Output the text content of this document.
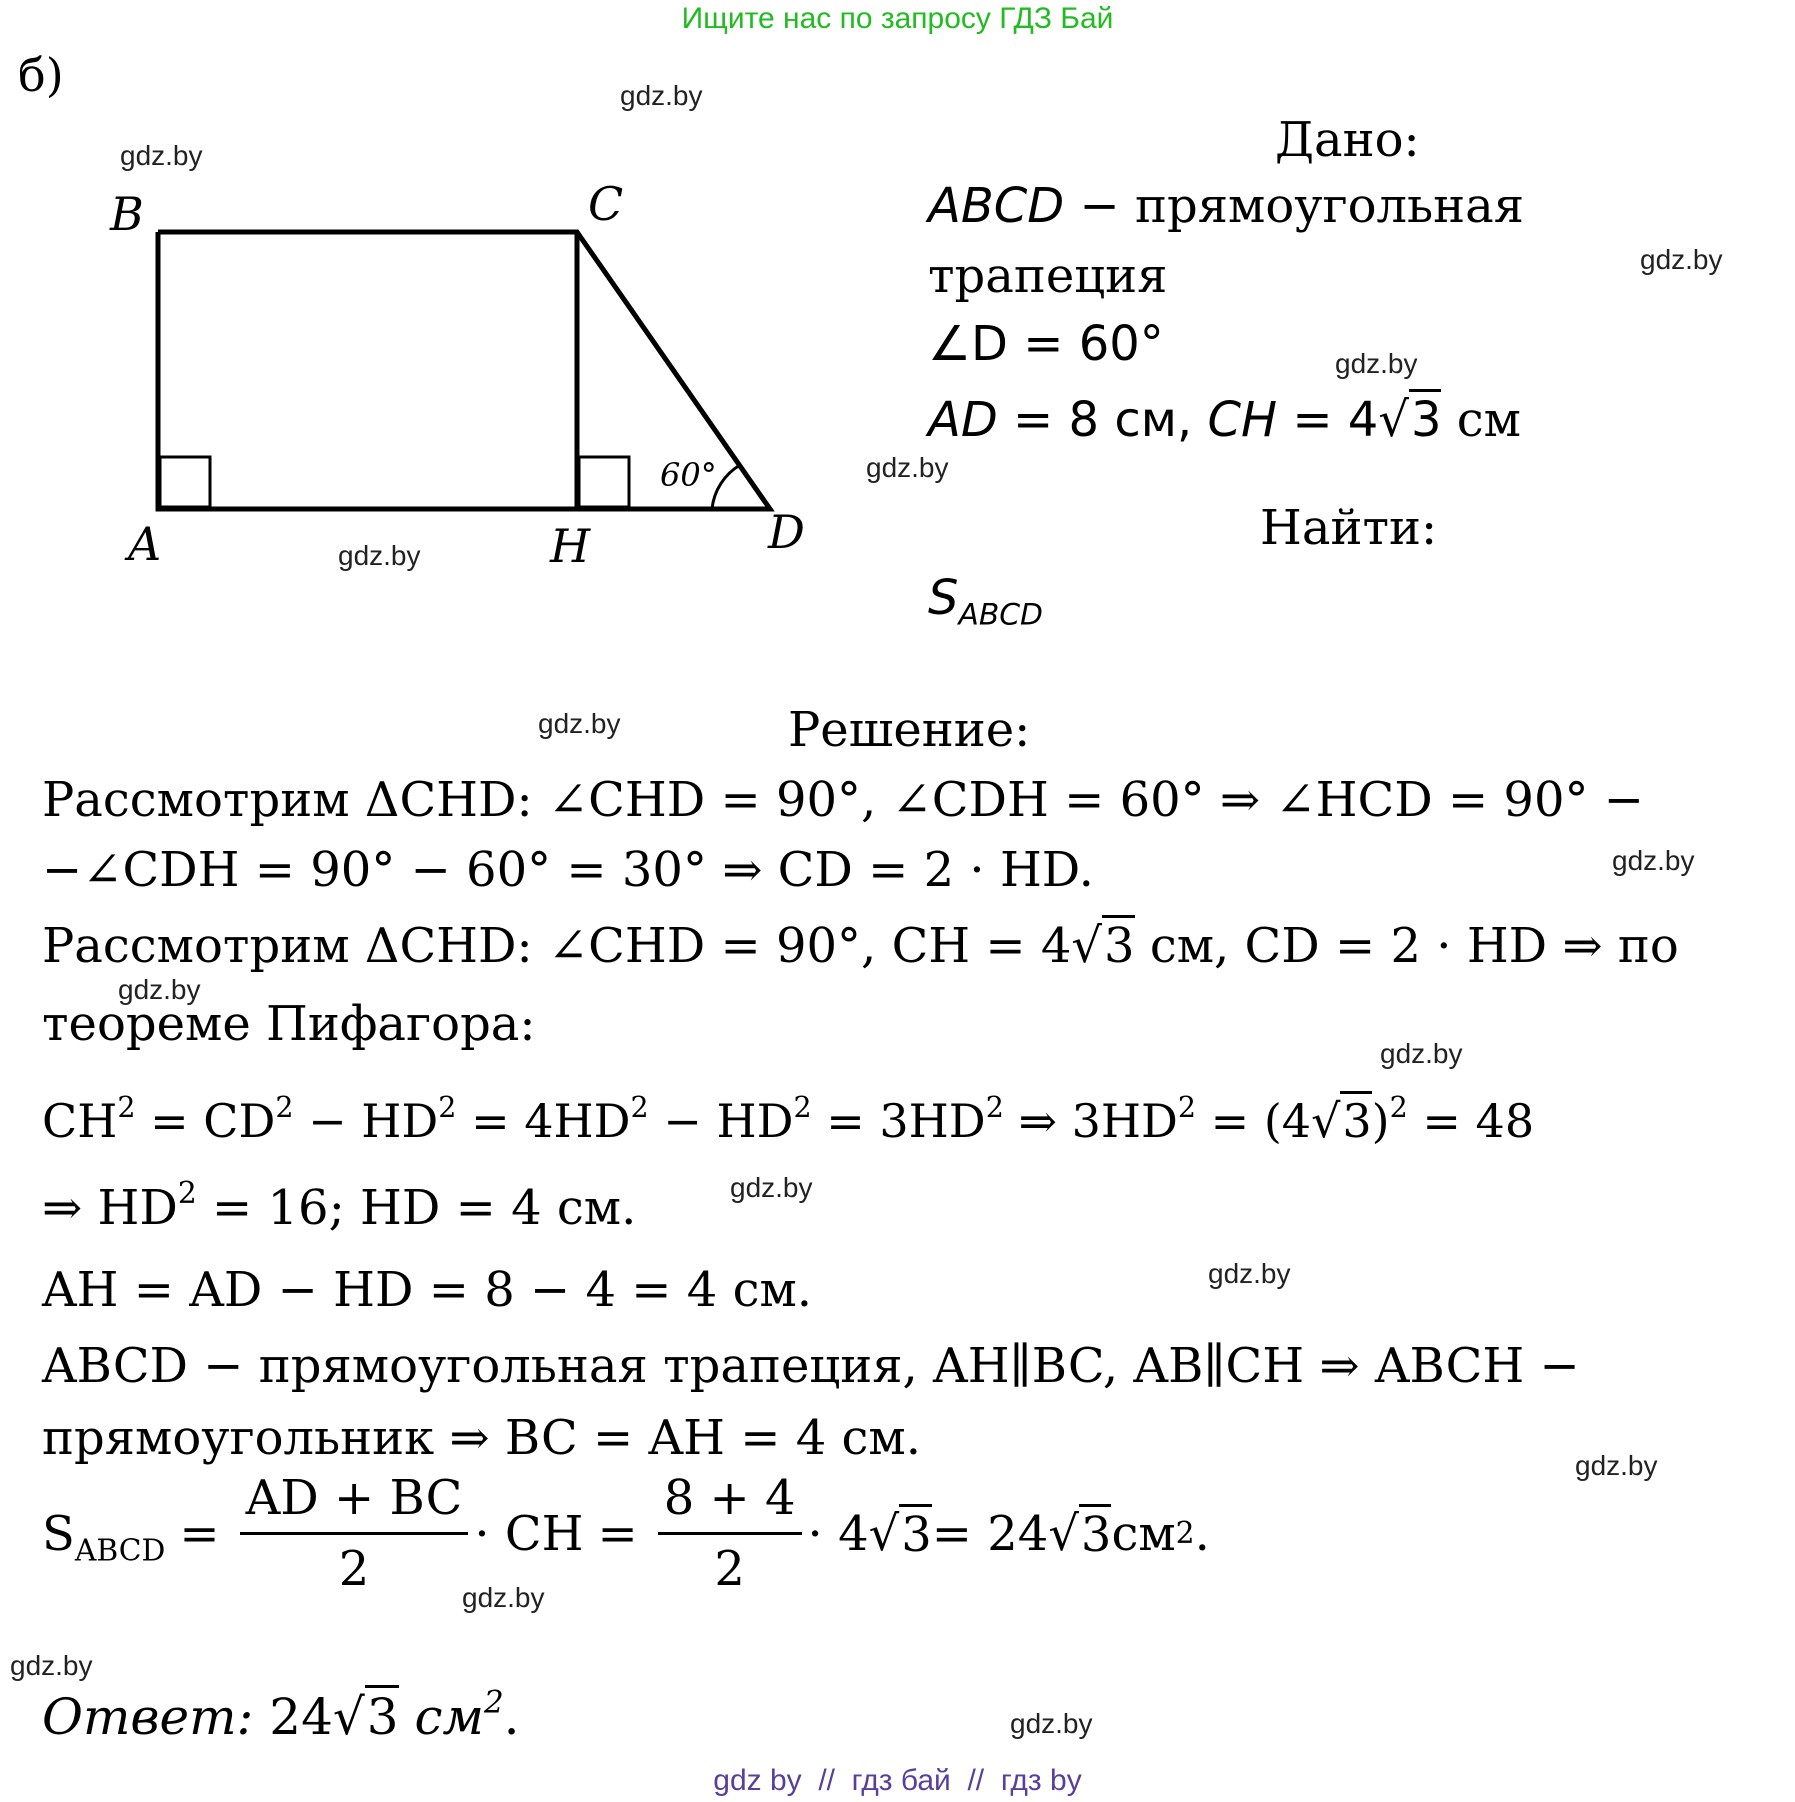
Ищите нас по запросу ГДЗ Бай
б)	gdz.by
gdz.by
gdz.by
gdz.by
gdz.by
gdz.by
gdz.by
gdz.by
gdz.by
gdz.by
gdz.by
gdz.by
gdz.by
gdz.by
gdz.by
gdz.by
B	C
A	H	D
60°
Дано:
ABCD − прямоугольная
трапеция
∠D = 60°
AD = 8 см, CH = 4√3 см
Найти:
$S_{ABCD}$
Решение:
Рассмотрим ΔCHD: ∠CHD = 90°, ∠CDH = 60° ⇒ ∠HCD = 90° −
−∠CDH = 90° − 60° = 30° ⇒ CD = 2 · HD.
Рассмотрим ΔCHD: ∠CHD = 90°, CH = 4√3 см, CD = 2 · HD ⇒ по
теореме Пифагора:
$CH^2 = CD^2 - HD^2 = 4HD^2 - HD^2 = 3HD^2$ ⇒ $3HD^2 = (4√3)^2 = 48$
⇒ $HD^2 = 16$; HD = 4 см.
AH = AD − HD = 8 − 4 = 4 см.
ABCD − прямоугольная трапеция, AH∥BC, AB∥CH ⇒ ABCH −
прямоугольник ⇒ BC = AH = 4 см.
$S_{ABCD} = \frac{AD + BC}{2}$ · CH = $\frac{8 + 4}{2} \cdot 4$ √ 3 = 24 √ 3 см 2 .
Ответ: 24√3 $см^2$.
gdz by  //  гдз бай  //  гдз by
